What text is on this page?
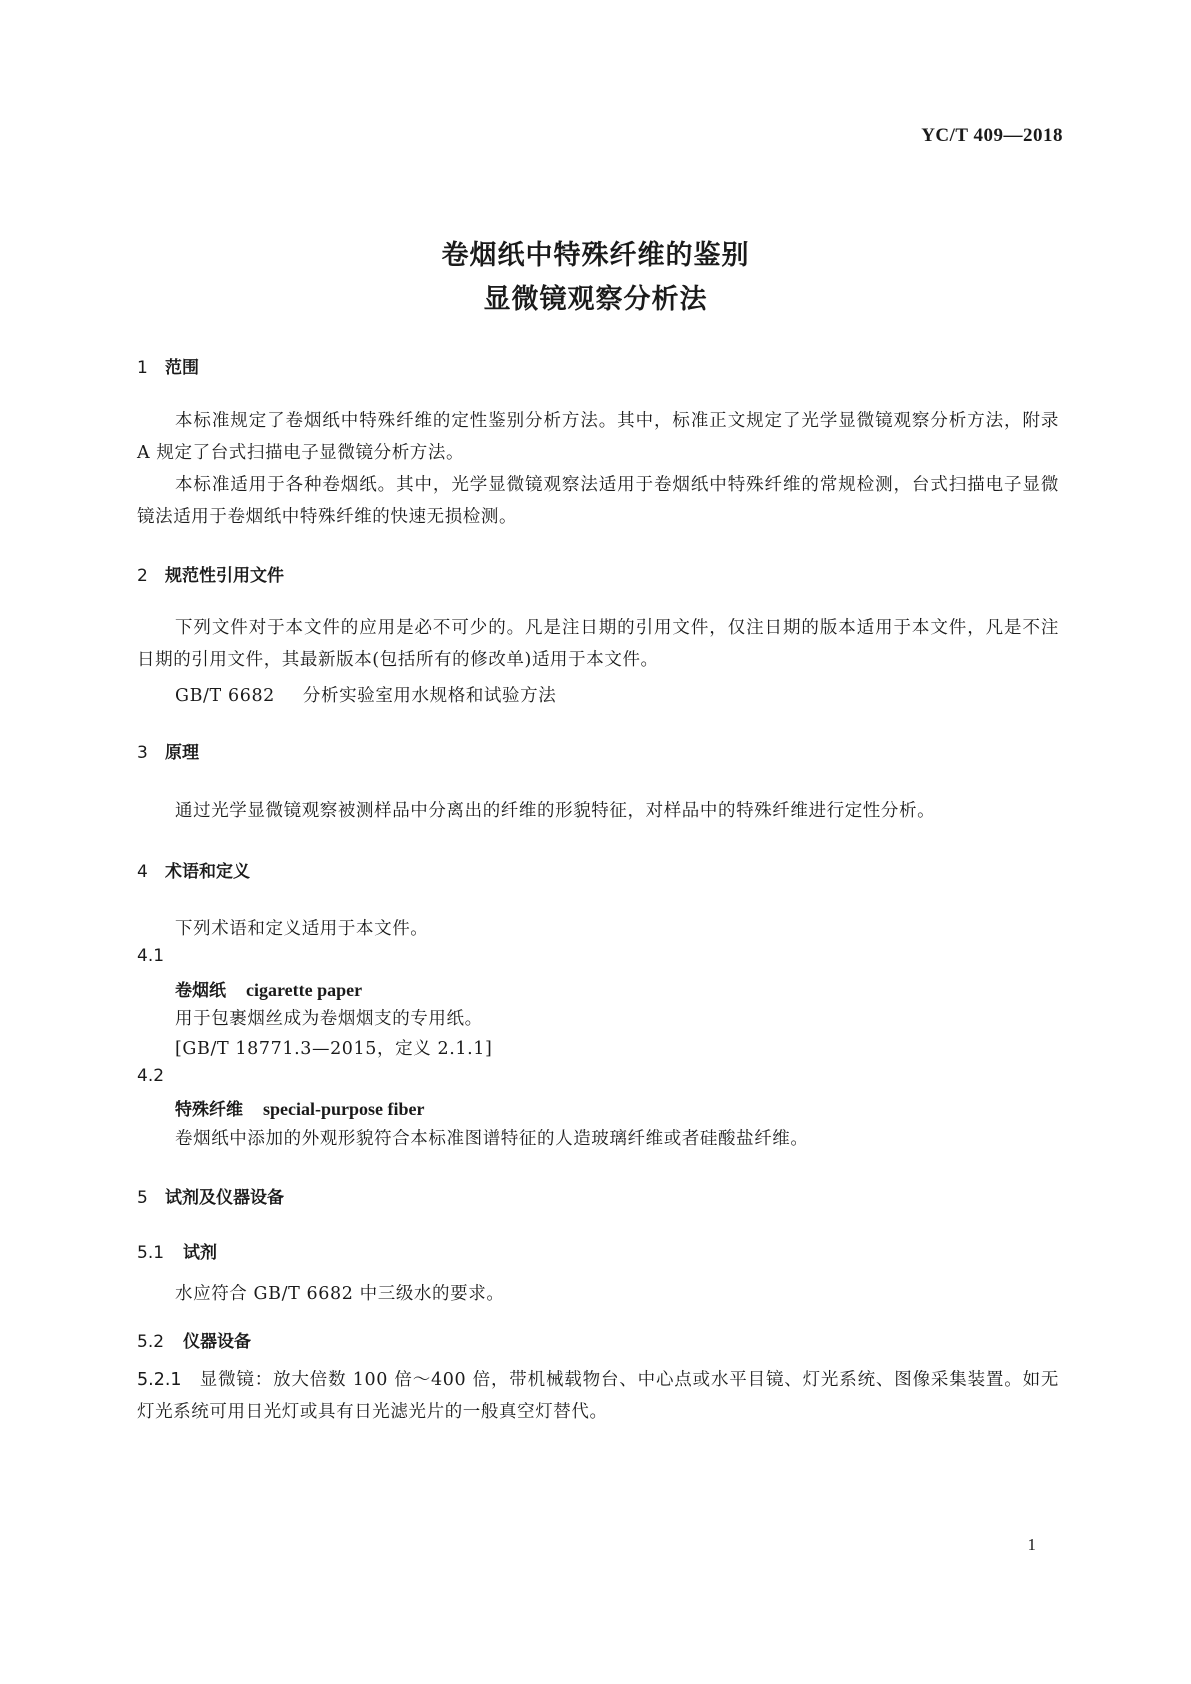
YC/T 409—2018
卷烟纸中特殊纤维的鉴别
显微镜观察分析法
1 范围
本标准规定了卷烟纸中特殊纤维的定性鉴别分析方法。其中，标准正文规定了光学显微镜观察分析方法，附录 A 规定了台式扫描电子显微镜分析方法。
本标准适用于各种卷烟纸。其中，光学显微镜观察法适用于卷烟纸中特殊纤维的常规检测，台式扫描电子显微镜法适用于卷烟纸中特殊纤维的快速无损检测。
2 规范性引用文件
下列文件对于本文件的应用是必不可少的。凡是注日期的引用文件，仅注日期的版本适用于本文件，凡是不注日期的引用文件，其最新版本(包括所有的修改单)适用于本文件。
GB/T 6682 分析实验室用水规格和试验方法
3 原理
通过光学显微镜观察被测样品中分离出的纤维的形貌特征，对样品中的特殊纤维进行定性分析。
4 术语和定义
下列术语和定义适用于本文件。
4.1
卷烟纸 cigarette paper
用于包裹烟丝成为卷烟烟支的专用纸。
[GB/T 18771.3—2015，定义 2.1.1]
4.2
特殊纤维 special-purpose fiber
卷烟纸中添加的外观形貌符合本标准图谱特征的人造玻璃纤维或者硅酸盐纤维。
5 试剂及仪器设备
5.1 试剂
水应符合 GB/T 6682 中三级水的要求。
5.2 仪器设备
5.2.1 显微镜：放大倍数 100 倍～400 倍，带机械载物台、中心点或水平目镜、灯光系统、图像采集装置。如无灯光系统可用日光灯或具有日光滤光片的一般真空灯替代。
1
